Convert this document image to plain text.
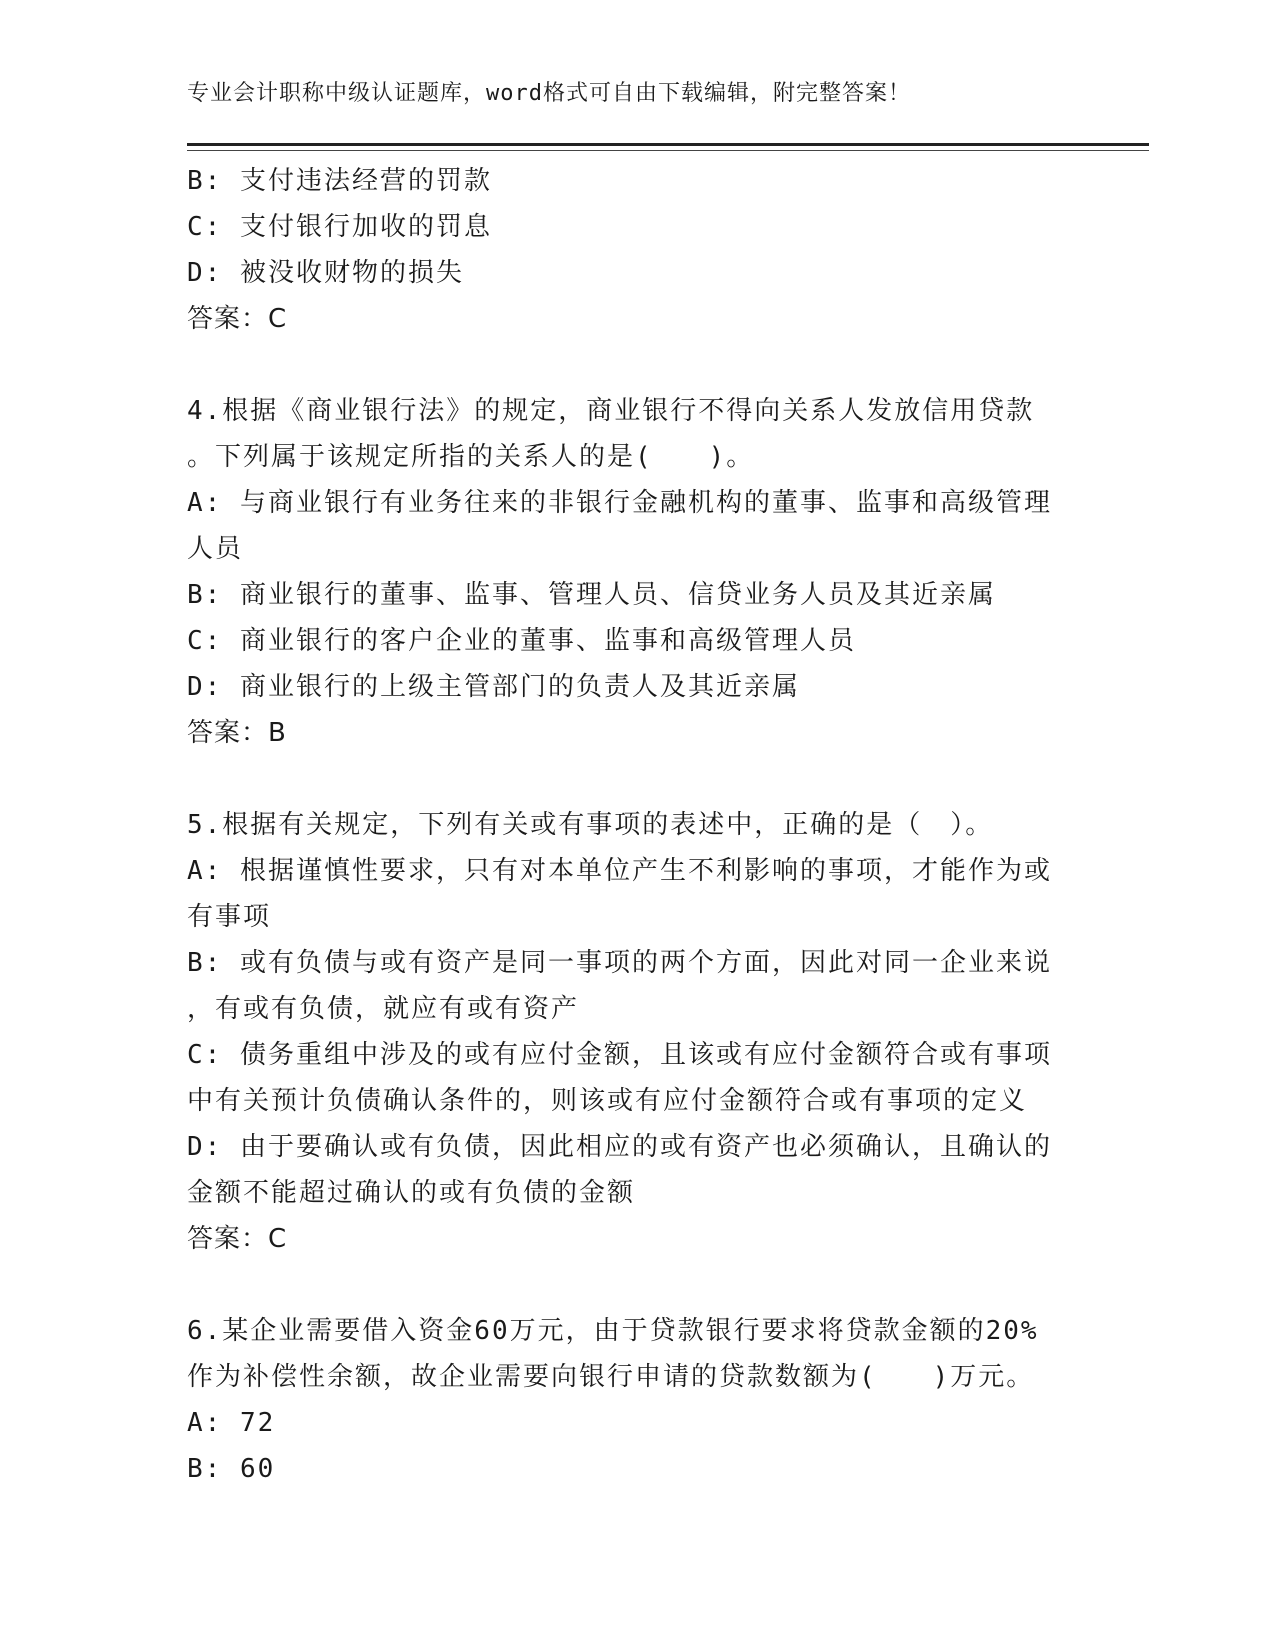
专业会计职称中级认证题库，word格式可自由下载编辑，附完整答案！
B: 支付违法经营的罚款
C: 支付银行加收的罚息
D: 被没收财物的损失
答案：C
4.根据《商业银行法》的规定，商业银行不得向关系人发放信用贷款
。下列属于该规定所指的关系人的是(　　)。
A: 与商业银行有业务往来的非银行金融机构的董事、监事和高级管理
人员
B: 商业银行的董事、监事、管理人员、信贷业务人员及其近亲属
C: 商业银行的客户企业的董事、监事和高级管理人员
D: 商业银行的上级主管部门的负责人及其近亲属
答案：B
5.根据有关规定，下列有关或有事项的表述中，正确的是（　）。
A: 根据谨慎性要求，只有对本单位产生不利影响的事项，才能作为或
有事项
B: 或有负债与或有资产是同一事项的两个方面，因此对同一企业来说
，有或有负债，就应有或有资产
C: 债务重组中涉及的或有应付金额，且该或有应付金额符合或有事项
中有关预计负债确认条件的，则该或有应付金额符合或有事项的定义
D: 由于要确认或有负债，因此相应的或有资产也必须确认，且确认的
金额不能超过确认的或有负债的金额
答案：C
6.某企业需要借入资金60万元，由于贷款银行要求将贷款金额的20%
作为补偿性余额，故企业需要向银行申请的贷款数额为(　　)万元。
A: 72
B: 60
